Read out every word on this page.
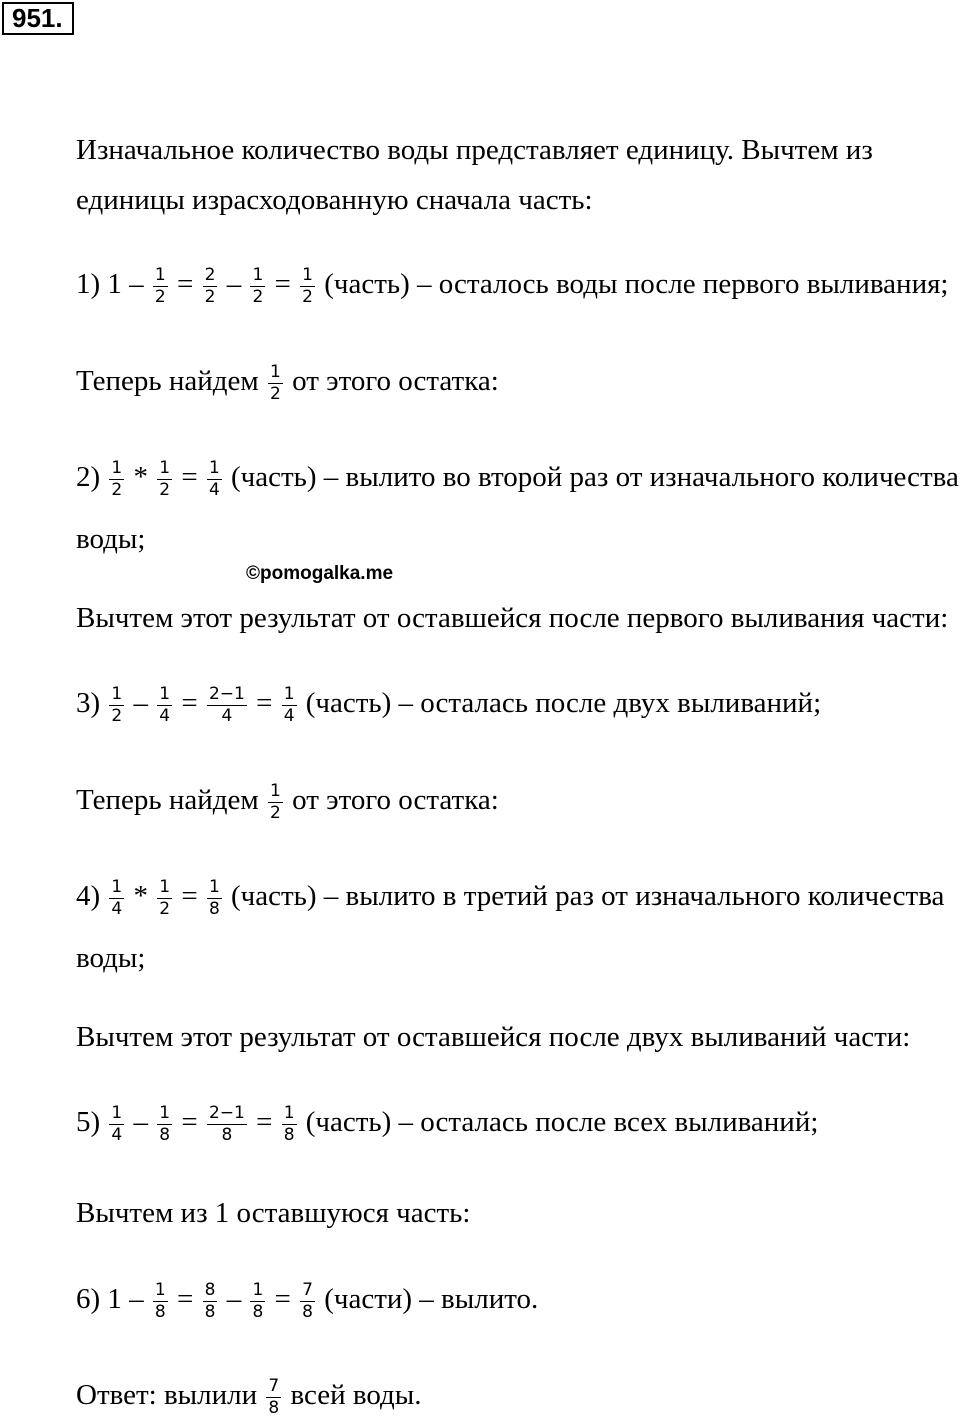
951.
Изначальное количество воды представляет единицу. Вычтем из
единицы израсходованную сначала часть:
1) $1 - \frac{1}{2} = \frac{2}{2} - \frac{1}{2} = \frac{1}{2}$ (часть) – осталось воды после первого выливания;
Теперь найдем $\frac{1}{2}$ от этого остатка:
$2) \frac{1}{2} * \frac{1}{2} = \frac{1}{4}$ (часть) – вылито во второй раз от изначального количества
воды;
©pomogalka.me
Вычтем этот результат от оставшейся после первого выливания части:
$3) \frac{1}{2} - \frac{1}{4} = \frac{2-1}{4} = \frac{1}{4}$ (часть) – осталась после двух выливаний;
Теперь найдем $\frac{1}{2}$ от этого остатка:
$4) \frac{1}{4} * \frac{1}{2} = \frac{1}{8}$ (часть) – вылито в третий раз от изначального количества
воды;
Вычтем этот результат от оставшейся после двух выливаний части:
$5) \frac{1}{4} - \frac{1}{8} = \frac{2-1}{8} = \frac{1}{8}$ (часть) – осталась после всех выливаний;
Вычтем из 1 оставшуюся часть:
6) $1 - \frac{1}{8} = \frac{8}{8} - \frac{1}{8} = \frac{7}{8}$ (части) – вылито.
Ответ: вылили $\frac{7}{8}$ всей воды.
